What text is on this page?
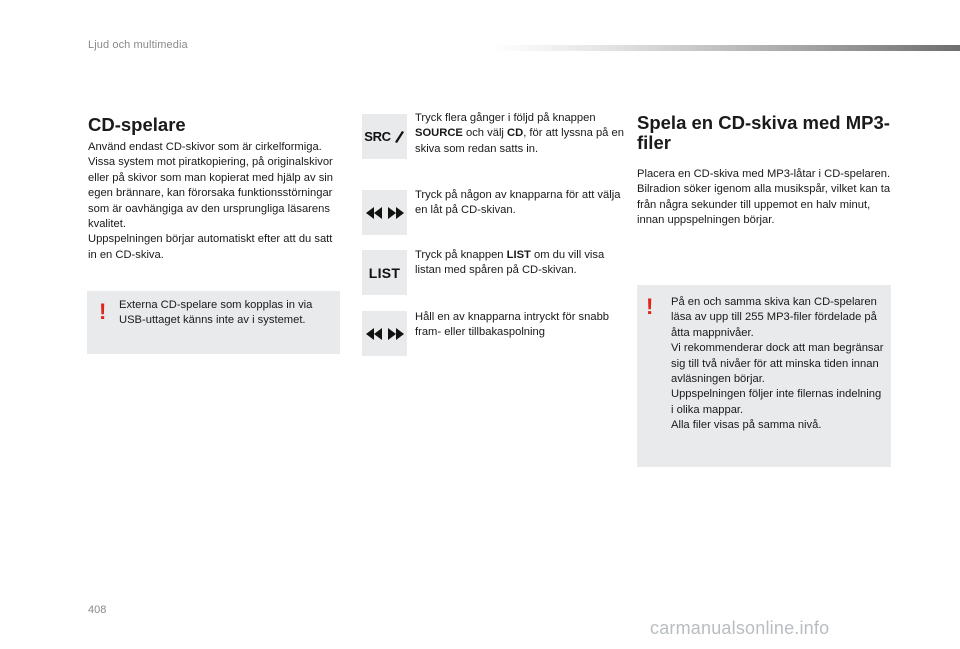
Ljud och multimedia
CD-spelare

Använd endast CD-skivor som är cirkelformiga.

Vissa system mot piratkopiering, på originalskivor eller på skivor som man kopierat med hjälp av sin egen brännare, kan förorsaka funktionsstörningar som är oavhängiga av den ursprungliga läsarens kvalitet.

Uppspelningen börjar automatiskt efter att du satt in en CD-skiva.

! Externa CD-spelare som kopplas in via USB-uttaget känns inte av i systemet.

SRC

Tryck flera gånger i följd på knappen SOURCE och välj CD, för att lyssna på en skiva som redan satts in.

Tryck på någon av knapparna för att välja en låt på CD-skivan.

LIST

Tryck på knappen LIST om du vill visa listan med spåren på CD-skivan.

Håll en av knapparna intryckt för snabb fram- eller tillbakaspolning

Spela en CD-skiva med MP3-filer

Placera en CD-skiva med MP3-låtar i CD-spelaren.

Bilradion söker igenom alla musikspår, vilket kan ta från några sekunder till uppemot en halv minut, innan uppspelningen börjar.

! På en och samma skiva kan CD-spelaren läsa av upp till 255 MP3-filer fördelade på åtta mappnivåer.

Vi rekommenderar dock att man begränsar sig till två nivåer för att minska tiden innan avläsningen börjar.

Uppspelningen följer inte filernas indelning i olika mappar.

Alla filer visas på samma nivå.

408
carmanualsonline.info
